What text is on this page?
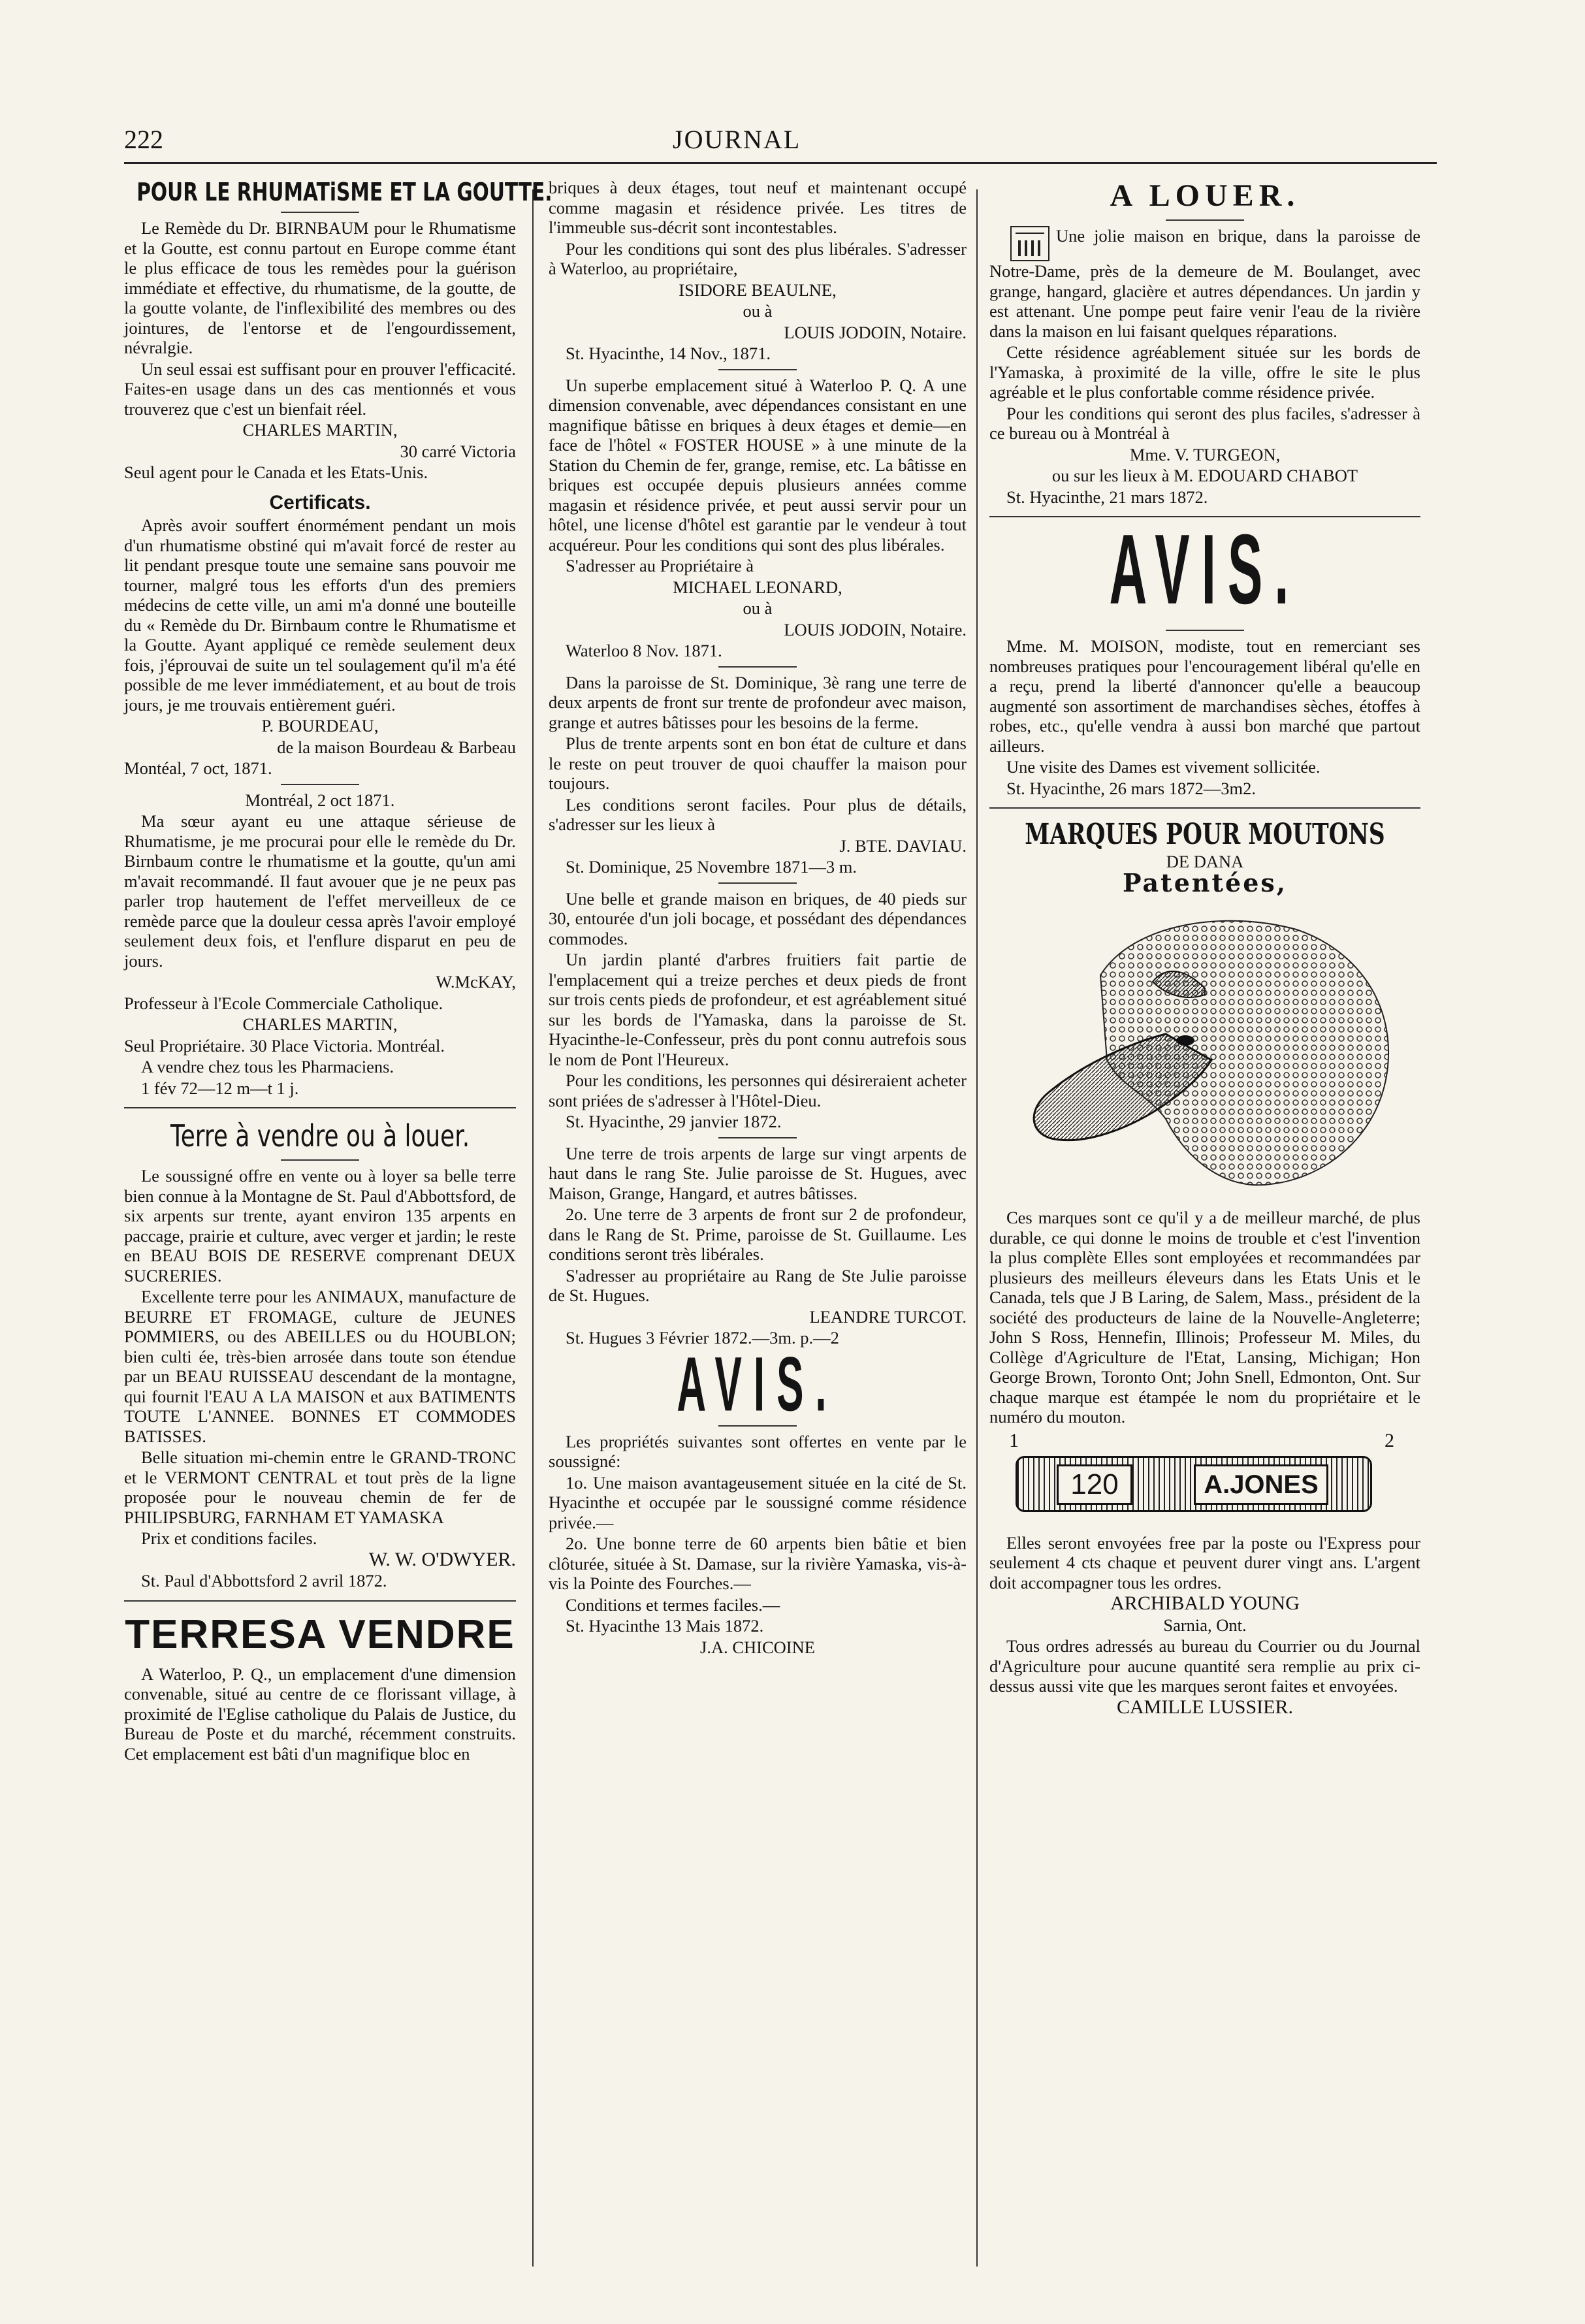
222	JOURNAL
POUR LE RHUMATiSME ET LA GOUTTE.

Le Remède du Dr. BIRNBAUM pour le Rhumatisme et la Goutte, est connu partout en Europe comme étant le plus efficace de tous les remèdes pour la guérison immédiate et effective, du rhumatisme, de la goutte, de la goutte volante, de l'inflexibilité des membres ou des jointures, de l'entorse et de l'engourdissement, névralgie.

Un seul essai est suffisant pour en prouver l'efficacité. Faites-en usage dans un des cas mentionnés et vous trouverez que c'est un bienfait réel.

CHARLES MARTIN,

30 carré Victoria

Seul agent pour le Canada et les Etats-Unis.

Certificats.

Après avoir souffert énormément pendant un mois d'un rhumatisme obstiné qui m'avait forcé de rester au lit pendant presque toute une semaine sans pouvoir me tourner, malgré tous les efforts d'un des premiers médecins de cette ville, un ami m'a donné une bouteille du « Remède du Dr. Birnbaum contre le Rhumatisme et la Goutte. Ayant appliqué ce remède seulement deux fois, j'éprouvai de suite un tel soulagement qu'il m'a été possible de me lever immédiatement, et au bout de trois jours, je me trouvais entièrement guéri.

P. BOURDEAU,

de la maison Bourdeau & Barbeau

Montéal, 7 oct, 1871.

Montréal, 2 oct 1871.

Ma sœur ayant eu une attaque sérieuse de Rhumatisme, je me procurai pour elle le remède du Dr. Birnbaum contre le rhumatisme et la goutte, qu'un ami m'avait recommandé. Il faut avouer que je ne peux pas parler trop hautement de l'effet merveilleux de ce remède parce que la douleur cessa après l'avoir employé seulement deux fois, et l'enflure disparut en peu de jours.

W.McKAY,

Professeur à l'Ecole Commerciale Catholique.

CHARLES MARTIN,

Seul Propriétaire. 30 Place Victoria. Montréal.

A vendre chez tous les Pharmaciens.

1 fév 72—12 m—t 1 j.

Terre à vendre ou à louer.

Le soussigné offre en vente ou à loyer sa belle terre bien connue à la Montagne de St. Paul d'Abbottsford, de six arpents sur trente, ayant environ 135 arpents en paccage, prairie et culture, avec verger et jardin; le reste en BEAU BOIS DE RESERVE comprenant DEUX SUCRERIES.

Excellente terre pour les ANIMAUX, manufacture de BEURRE ET FROMAGE, culture de JEUNES POMMIERS, ou des ABEILLES ou du HOUBLON; bien culti ée, très-bien arrosée dans toute son étendue par un BEAU RUISSEAU descendant de la montagne, qui fournit l'EAU A LA MAISON et aux BATIMENTS TOUTE L'ANNEE. BONNES ET COMMODES BATISSES.

Belle situation mi-chemin entre le GRAND-TRONC et le VERMONT CENTRAL et tout près de la ligne proposée pour le nouveau chemin de fer de PHILIPSBURG, FARNHAM ET YAMASKA

Prix et conditions faciles.

W. W. O'DWYER.

St. Paul d'Abbottsford 2 avril 1872.

TERRESA VENDRE

A Waterloo, P. Q., un emplacement d'une dimension convenable, situé au centre de ce florissant village, à proximité de l'Eglise catholique du Palais de Justice, du Bureau de Poste et du marché, récemment construits. Cet emplacement est bâti d'un magnifique bloc en

briques à deux étages, tout neuf et maintenant occupé comme magasin et résidence privée. Les titres de l'immeuble sus-décrit sont incontestables.

Pour les conditions qui sont des plus libérales. S'adresser à Waterloo, au propriétaire,

ISIDORE BEAULNE,

ou à

LOUIS JODOIN, Notaire.

St. Hyacinthe, 14 Nov., 1871.

Un superbe emplacement situé à Waterloo P. Q. A une dimension convenable, avec dépendances consistant en une magnifique bâtisse en briques à deux étages et demie—en face de l'hôtel « FOSTER HOUSE » à une minute de la Station du Chemin de fer, grange, remise, etc. La bâtisse en briques est occupée depuis plusieurs années comme magasin et résidence privée, et peut aussi servir pour un hôtel, une license d'hôtel est garantie par le vendeur à tout acquéreur. Pour les conditions qui sont des plus libérales.

S'adresser au Propriétaire à

MICHAEL LEONARD,

ou à

LOUIS JODOIN, Notaire.

Waterloo 8 Nov. 1871.

Dans la paroisse de St. Dominique, 3è rang une terre de deux arpents de front sur trente de profondeur avec maison, grange et autres bâtisses pour les besoins de la ferme.

Plus de trente arpents sont en bon état de culture et dans le reste on peut trouver de quoi chauffer la maison pour toujours.

Les conditions seront faciles. Pour plus de détails, s'adresser sur les lieux à

J. BTE. DAVIAU.

St. Dominique, 25 Novembre 1871—3 m.

Une belle et grande maison en briques, de 40 pieds sur 30, entourée d'un joli bocage, et possédant des dépendances commodes.

Un jardin planté d'arbres fruitiers fait partie de l'emplacement qui a treize perches et deux pieds de front sur trois cents pieds de profondeur, et est agréablement situé sur les bords de l'Yamaska, dans la paroisse de St. Hyacinthe-le-Confesseur, près du pont connu autrefois sous le nom de Pont l'Heureux.

Pour les conditions, les personnes qui désireraient acheter sont priées de s'adresser à l'Hôtel-Dieu.

St. Hyacinthe, 29 janvier 1872.

Une terre de trois arpents de large sur vingt arpents de haut dans le rang Ste. Julie paroisse de St. Hugues, avec Maison, Grange, Hangard, et autres bâtisses.

2o. Une terre de 3 arpents de front sur 2 de profondeur, dans le Rang de St. Prime, paroisse de St. Guillaume. Les conditions seront très libérales.

S'adresser au propriétaire au Rang de Ste Julie paroisse de St. Hugues.

LEANDRE TURCOT.

St. Hugues 3 Février 1872.—3m. p.—2

AVIS.

Les propriétés suivantes sont offertes en vente par le soussigné:

1o. Une maison avantageusement située en la cité de St. Hyacinthe et occupée par le soussigné comme résidence privée.—

2o. Une bonne terre de 60 arpents bien bâtie et bien clôturée, située à St. Damase, sur la rivière Yamaska, vis-à-vis la Pointe des Fourches.—

Conditions et termes faciles.—

St. Hyacinthe 13 Mais 1872.

J.A. CHICOINE

A LOUER.

Une jolie maison en brique, dans la paroisse de Notre-Dame, près de la demeure de M. Boulanget, avec grange, hangard, glacière et autres dépendances. Un jardin y est attenant. Une pompe peut faire venir l'eau de la rivière dans la maison en lui faisant quelques réparations.

Cette résidence agréablement située sur les bords de l'Yamaska, à proximité de la ville, offre le site le plus agréable et le plus confortable comme résidence privée.

Pour les conditions qui seront des plus faciles, s'adresser à ce bureau ou à Montréal à

Mme. V. TURGEON,

ou sur les lieux à M. EDOUARD CHABOT

St. Hyacinthe, 21 mars 1872.

AVIS.

Mme. M. MOISON, modiste, tout en remerciant ses nombreuses pratiques pour l'encouragement libéral qu'elle en a reçu, prend la liberté d'annoncer qu'elle a beaucoup augmenté son assortiment de marchandises sèches, étoffes à robes, etc., qu'elle vendra à aussi bon marché que partout ailleurs.

Une visite des Dames est vivement sollicitée.

St. Hyacinthe, 26 mars 1872—3m2.

MARQUES POUR MOUTONS

DE DANA

Patentées,

Ces marques sont ce qu'il y a de meilleur marché, de plus durable, ce qui donne le moins de trouble et c'est l'invention la plus complète Elles sont employées et recommandées par plusieurs des meilleurs éleveurs dans les Etats Unis et le Canada, tels que J B Laring, de Salem, Mass., président de la société des producteurs de laine de la Nouvelle-Angleterre; John S Ross, Hennefin, Illinois; Professeur M. Miles, du Collège d'Agriculture de l'Etat, Lansing, Michigan; Hon George Brown, Toronto Ont; John Snell, Edmonton, Ont. Sur chaque marque est étampée le nom du propriétaire et le numéro du mouton.

1	2
120	A.JONES

Elles seront envoyées free par la poste ou l'Express pour seulement 4 cts chaque et peuvent durer vingt ans. L'argent doit accompagner tous les ordres.

ARCHIBALD YOUNG

Sarnia, Ont.

Tous ordres adressés au bureau du Courrier ou du Journal d'Agriculture pour aucune quantité sera remplie au prix ci-dessus aussi vite que les marques seront faites et envoyées.

CAMILLE LUSSIER.
